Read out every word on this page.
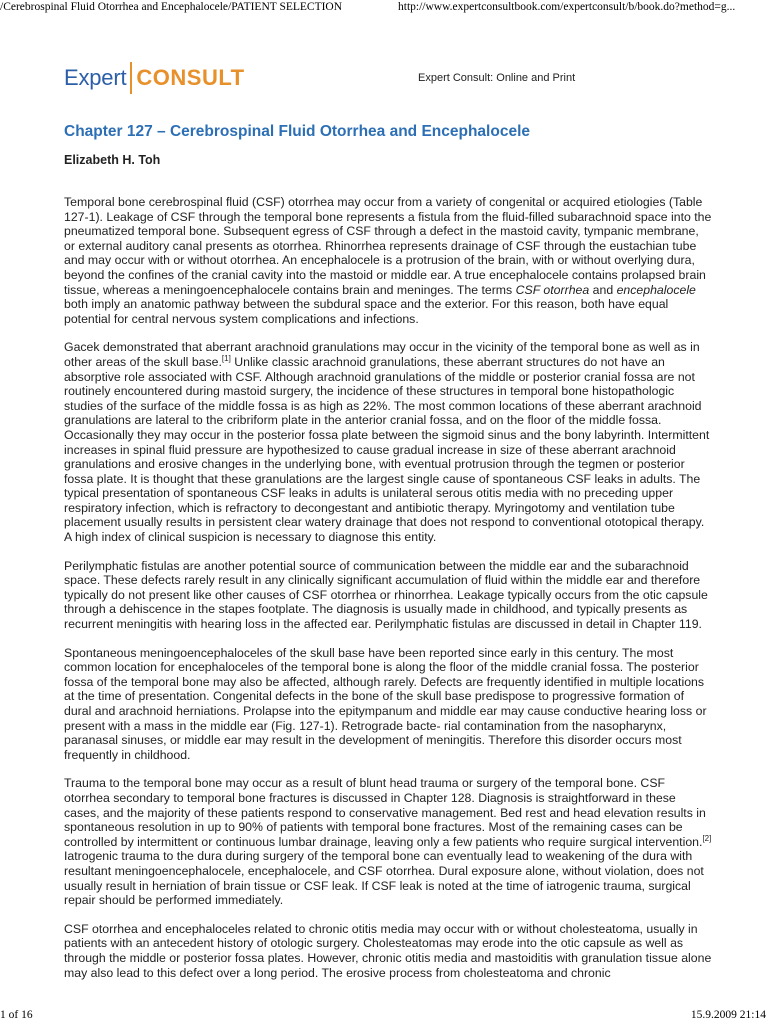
/Cerebrospinal Fluid Otorrhea and Encephalocele/PATIENT SELECTION	http://www.expertconsultbook.com/expertconsult/b/book.do?method=g...
Expert CONSULT	Expert Consult: Online and Print
Chapter 127 – Cerebrospinal Fluid Otorrhea and Encephalocele
Elizabeth H. Toh

Temporal bone cerebrospinal fluid (CSF) otorrhea may occur from a variety of congenital or acquired etiologies (Table 127-1). Leakage of CSF through the temporal bone represents a fistula from the fluid-filled subarachnoid space into the pneumatized temporal bone. Subsequent egress of CSF through a defect in the mastoid cavity, tympanic membrane, or external auditory canal presents as otorrhea. Rhinorrhea represents drainage of CSF through the eustachian tube and may occur with or without otorrhea. An encephalocele is a protrusion of the brain, with or without overlying dura, beyond the confines of the cranial cavity into the mastoid or middle ear. A true encephalocele contains prolapsed brain tissue, whereas a meningoencephalocele contains brain and meninges. The terms CSF otorrhea and encephalocele both imply an anatomic pathway between the subdural space and the exterior. For this reason, both have equal potential for central nervous system complications and infections.

Gacek demonstrated that aberrant arachnoid granulations may occur in the vicinity of the temporal bone as well as in other areas of the skull base.[1] Unlike classic arachnoid granulations, these aberrant structures do not have an absorptive role associated with CSF. Although arachnoid granulations of the middle or posterior cranial fossa are not routinely encountered during mastoid surgery, the incidence of these structures in temporal bone histopathologic studies of the surface of the middle fossa is as high as 22%. The most common locations of these aberrant arachnoid granulations are lateral to the cribriform plate in the anterior cranial fossa, and on the floor of the middle fossa. Occasionally they may occur in the posterior fossa plate between the sigmoid sinus and the bony labyrinth. Intermittent increases in spinal fluid pressure are hypothesized to cause gradual increase in size of these aberrant arachnoid granulations and erosive changes in the underlying bone, with eventual protrusion through the tegmen or posterior fossa plate. It is thought that these granulations are the largest single cause of spontaneous CSF leaks in adults. The typical presentation of spontaneous CSF leaks in adults is unilateral serous otitis media with no preceding upper respiratory infection, which is refractory to decongestant and antibiotic therapy. Myringotomy and ventilation tube placement usually results in persistent clear watery drainage that does not respond to conventional ototopical therapy. A high index of clinical suspicion is necessary to diagnose this entity.

Perilymphatic fistulas are another potential source of communication between the middle ear and the subarachnoid space. These defects rarely result in any clinically significant accumulation of fluid within the middle ear and therefore typically do not present like other causes of CSF otorrhea or rhinorrhea. Leakage typically occurs from the otic capsule through a dehiscence in the stapes footplate. The diagnosis is usually made in childhood, and typically presents as recurrent meningitis with hearing loss in the affected ear. Perilymphatic fistulas are discussed in detail in Chapter 119.

Spontaneous meningoencephaloceles of the skull base have been reported since early in this century. The most common location for encephaloceles of the temporal bone is along the floor of the middle cranial fossa. The posterior fossa of the temporal bone may also be affected, although rarely. Defects are frequently identified in multiple locations at the time of presentation. Congenital defects in the bone of the skull base predispose to progressive formation of dural and arachnoid herniations. Prolapse into the epitympanum and middle ear may cause conductive hearing loss or present with a mass in the middle ear (Fig. 127-1). Retrograde bacte- rial contamination from the nasopharynx, paranasal sinuses, or middle ear may result in the development of meningitis. Therefore this disorder occurs most frequently in childhood.

Trauma to the temporal bone may occur as a result of blunt head trauma or surgery of the temporal bone. CSF otorrhea secondary to temporal bone fractures is discussed in Chapter 128. Diagnosis is straightforward in these cases, and the majority of these patients respond to conservative management. Bed rest and head elevation results in spontaneous resolution in up to 90% of patients with temporal bone fractures. Most of the remaining cases can be controlled by intermittent or continuous lumbar drainage, leaving only a few patients who require surgical intervention.[2] Iatrogenic trauma to the dura during surgery of the temporal bone can eventually lead to weakening of the dura with resultant meningoencephalocele, encephalocele, and CSF otorrhea. Dural exposure alone, without violation, does not usually result in herniation of brain tissue or CSF leak. If CSF leak is noted at the time of iatrogenic trauma, surgical repair should be performed immediately.

CSF otorrhea and encephaloceles related to chronic otitis media may occur with or without cholesteatoma, usually in patients with an antecedent history of otologic surgery. Cholesteatomas may erode into the otic capsule as well as through the middle or posterior fossa plates. However, chronic otitis media and mastoiditis with granulation tissue alone may also lead to this defect over a long period. The erosive process from cholesteatoma and chronic

1 of 16	15.9.2009 21:14
